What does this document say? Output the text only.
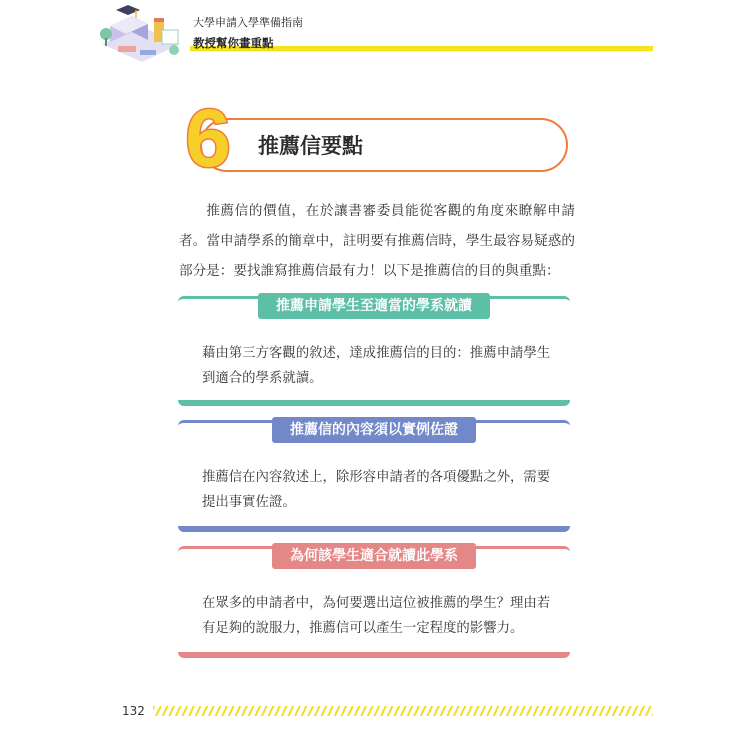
大學申請入學準備指南
教授幫你畫重點
6 推薦信要點

推薦信的價值，在於讓書審委員能從客觀的角度來瞭解申請者。當申請學系的簡章中，註明要有推薦信時，學生最容易疑惑的部分是：要找誰寫推薦信最有力！以下是推薦信的目的與重點：

推薦申請學生至適當的學系就讀
藉由第三方客觀的敘述，達成推薦信的目的：推薦申請學生到適合的學系就讀。
推薦信的內容須以實例佐證
推薦信在內容敘述上，除形容申請者的各項優點之外，需要提出事實佐證。
為何該學生適合就讀此學系
在眾多的申請者中，為何要選出這位被推薦的學生？理由若有足夠的說服力，推薦信可以產生一定程度的影響力。
132
